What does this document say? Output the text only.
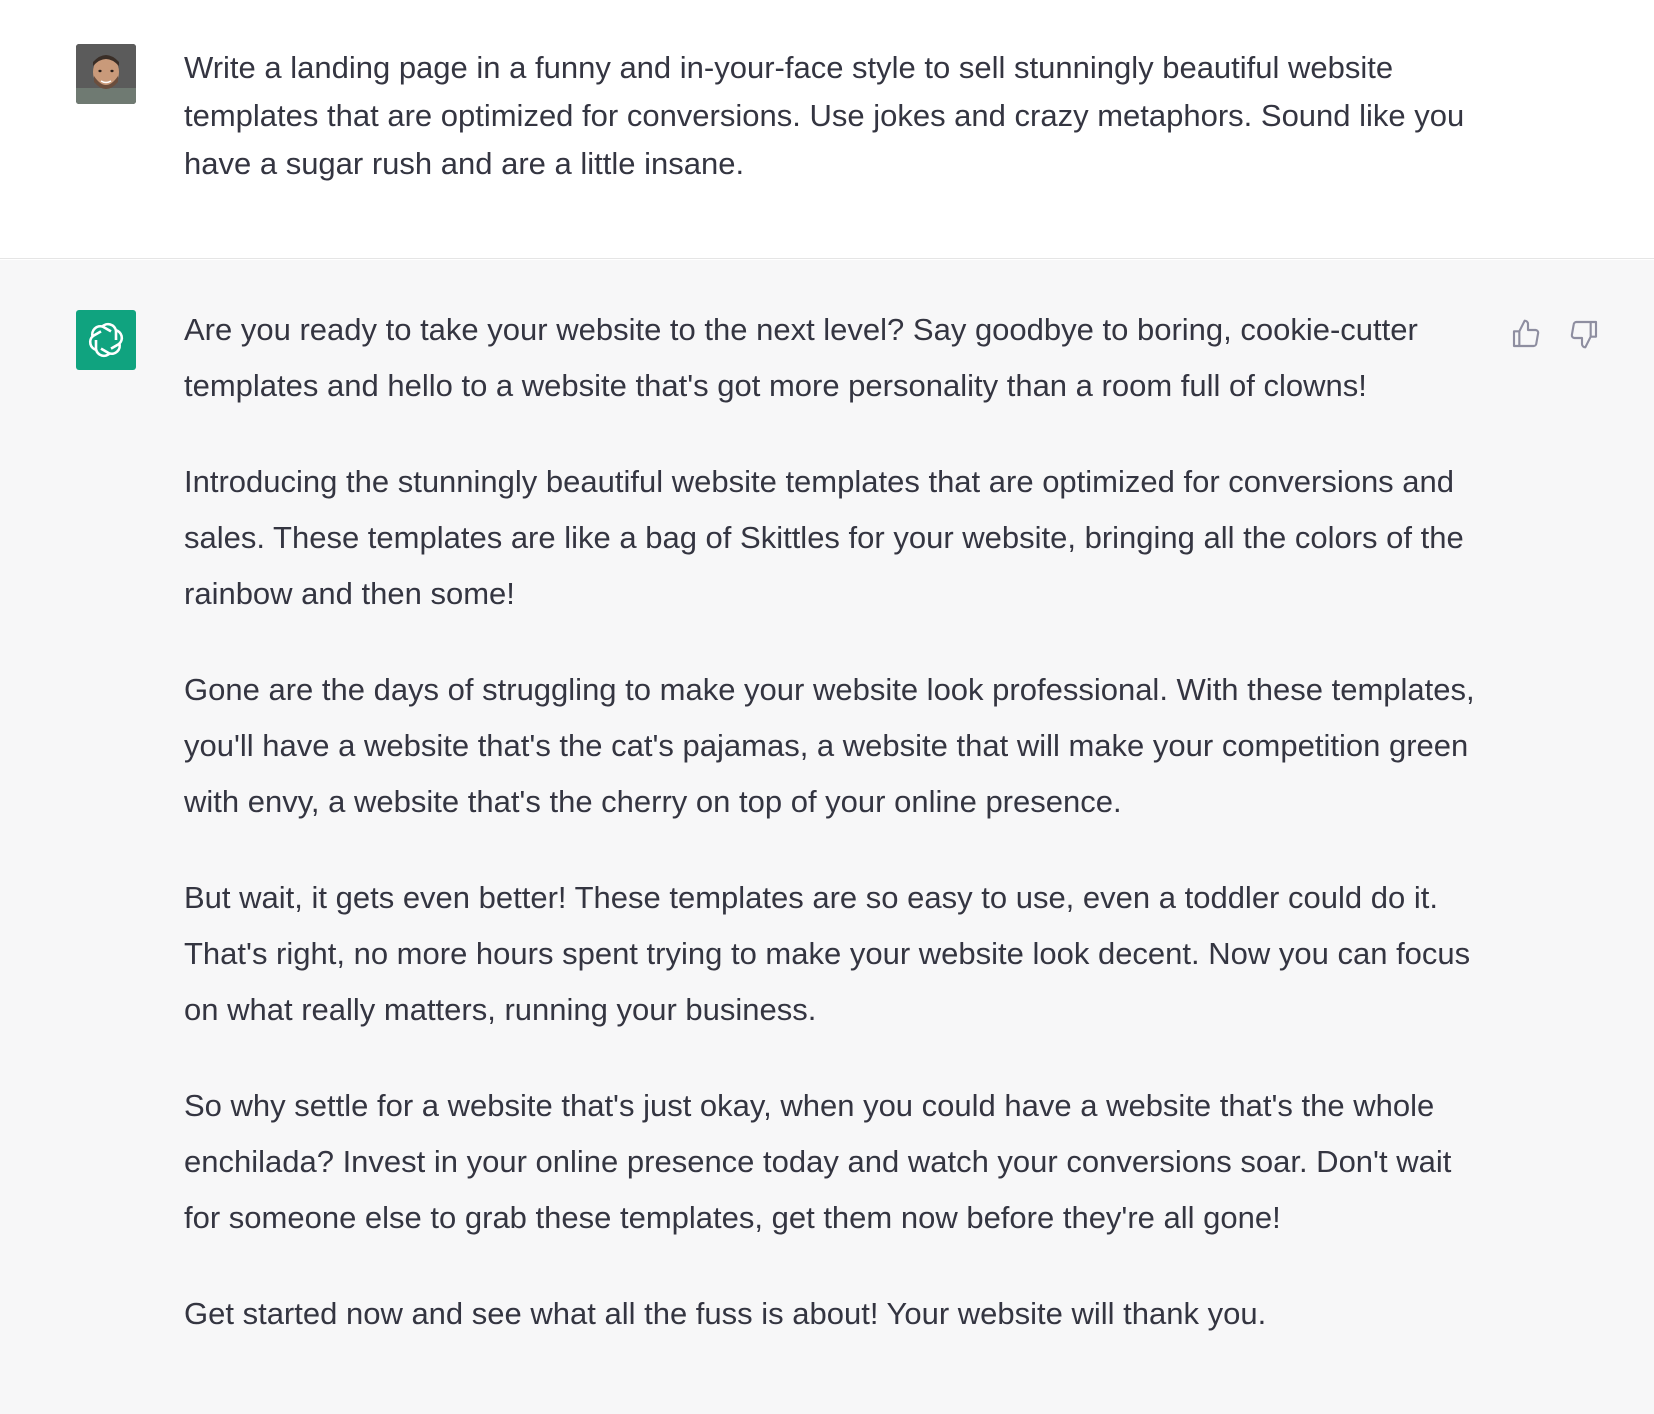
Write a landing page in a funny and in-your-face style to sell stunningly beautiful website templates that are optimized for conversions. Use jokes and crazy metaphors. Sound like you have a sugar rush and are a little insane.

Are you ready to take your website to the next level? Say goodbye to boring, cookie-cutter templates and hello to a website that's got more personality than a room full of clowns!

Introducing the stunningly beautiful website templates that are optimized for conversions and sales. These templates are like a bag of Skittles for your website, bringing all the colors of the rainbow and then some!

Gone are the days of struggling to make your website look professional. With these templates, you'll have a website that's the cat's pajamas, a website that will make your competition green with envy, a website that's the cherry on top of your online presence.

But wait, it gets even better! These templates are so easy to use, even a toddler could do it. That's right, no more hours spent trying to make your website look decent. Now you can focus on what really matters, running your business.

So why settle for a website that's just okay, when you could have a website that's the whole enchilada? Invest in your online presence today and watch your conversions soar. Don't wait for someone else to grab these templates, get them now before they're all gone!

Get started now and see what all the fuss is about! Your website will thank you.
